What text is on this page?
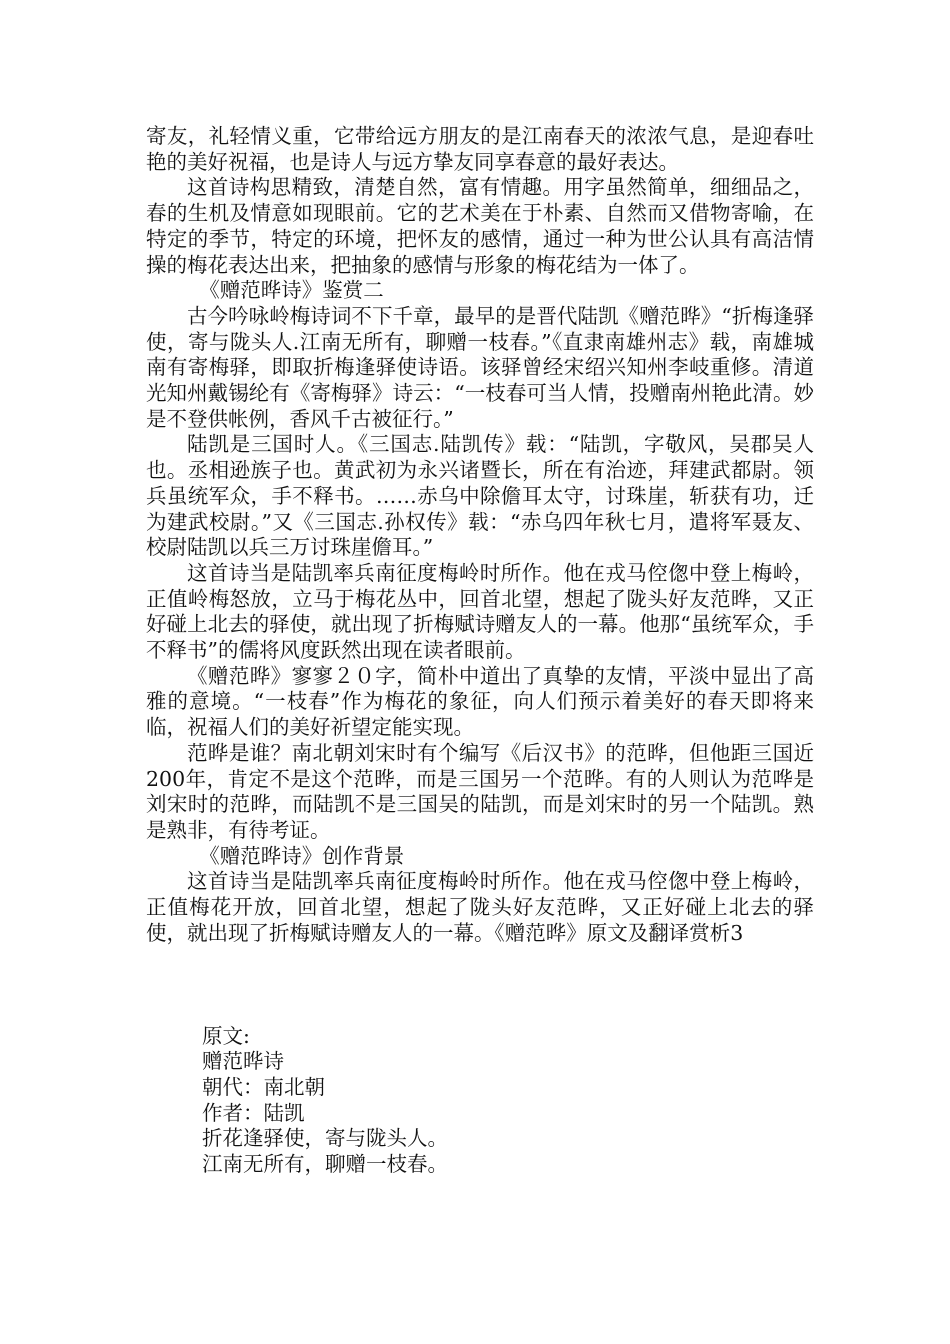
寄友，礼轻情义重，它带给远方朋友的是江南春天的浓浓气息，是迎春吐艳的美好祝福，也是诗人与远方挚友同享春意的最好表达。

这首诗构思精致，清楚自然，富有情趣。用字虽然简单，细细品之，春的生机及情意如现眼前。它的艺术美在于朴素、自然而又借物寄喻，在特定的季节，特定的环境，把怀友的感情，通过一种为世公认具有高洁情操的梅花表达出来，把抽象的感情与形象的梅花结为一体了。

《赠范晔诗》鉴赏二

古今吟咏岭梅诗词不下千章，最早的是晋代陆凯《赠范晔》“折梅逢驿使，寄与陇头人.江南无所有，聊赠一枝春。”《直隶南雄州志》载，南雄城南有寄梅驿，即取折梅逢驿使诗语。该驿曾经宋绍兴知州李岐重修。清道光知州戴锡纶有《寄梅驿》诗云：“一枝春可当人情，投赠南州艳此清。妙是不登供帐例，香风千古被征行。”

陆凯是三国时人。《三国志.陆凯传》载：“陆凯，字敬风，吴郡吴人也。丞相逊族子也。黄武初为永兴诸暨长，所在有治迹，拜建武都尉。领兵虽统军众，手不释书。……赤乌中除儋耳太守，讨珠崖，斩获有功，迁为建武校尉。”又《三国志.孙权传》载：“赤乌四年秋七月，遣将军聂友、校尉陆凯以兵三万讨珠崖儋耳。”

这首诗当是陆凯率兵南征度梅岭时所作。他在戎马倥偬中登上梅岭，正值岭梅怒放，立马于梅花丛中，回首北望，想起了陇头好友范晔，又正好碰上北去的驿使，就出现了折梅赋诗赠友人的一幕。他那“虽统军众，手不释书”的儒将风度跃然出现在读者眼前。

《赠范晔》寥寥２０字，简朴中道出了真挚的友情，平淡中显出了高雅的意境。“一枝春”作为梅花的象征，向人们预示着美好的春天即将来临，祝福人们的美好祈望定能实现。

范晔是谁？南北朝刘宋时有个编写《后汉书》的范晔，但他距三国近200年，肯定不是这个范晔，而是三国另一个范晔。有的人则认为范哗是刘宋时的范晔，而陆凯不是三国吴的陆凯，而是刘宋时的另一个陆凯。熟是熟非，有待考证。

《赠范晔诗》创作背景

这首诗当是陆凯率兵南征度梅岭时所作。他在戎马倥偬中登上梅岭，正值梅花开放，回首北望，想起了陇头好友范晔，又正好碰上北去的驿使，就出现了折梅赋诗赠友人的一幕。《赠范晔》原文及翻译赏析3

原文:

赠范晔诗

朝代：南北朝

作者：陆凯

折花逢驿使，寄与陇头人。

江南无所有，聊赠一枝春。
